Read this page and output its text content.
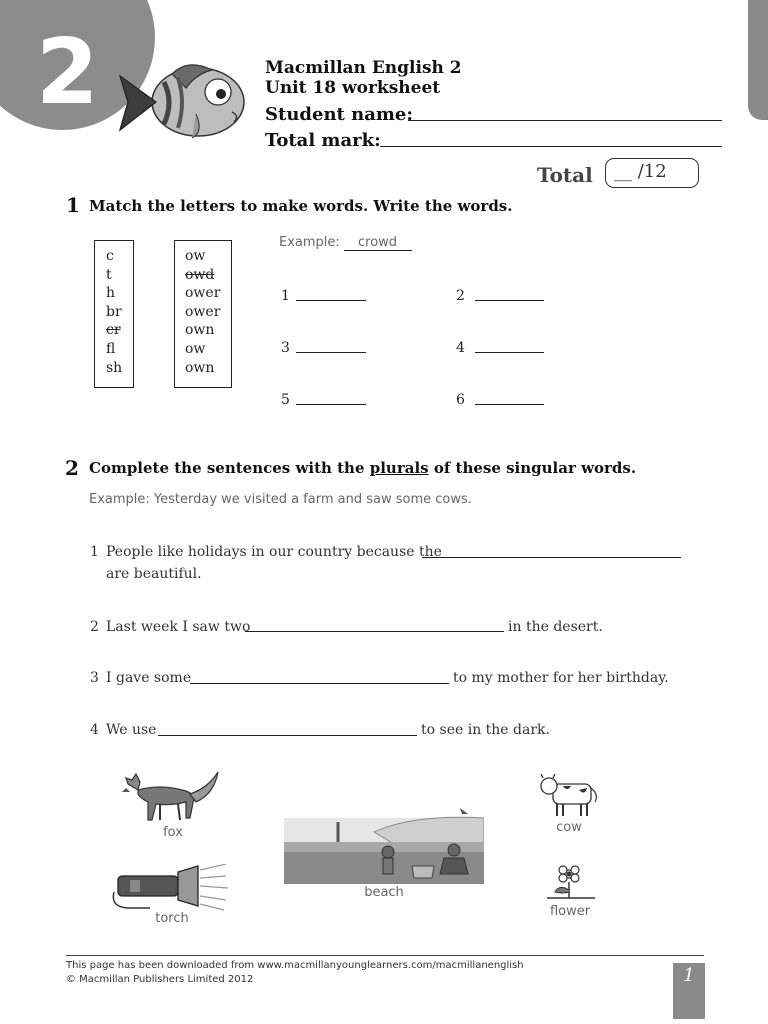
2	Macmillan English 2
Unit 18 worksheet
Student name:
Total mark:
Total __ /12
1 Match the letters to make words. Write the words.
c
t
h
br
cr
fl
sh
ow
owd
ower
ower
own
ow
own
Example: crowd
1	2
3	4
5	6
2 Complete the sentences with the plurals of these singular words.
Example: Yesterday we visited a farm and saw some cows.
1 People like holidays in our country because the
are beautiful.
2 Last week I saw two	in the desert.
3 I gave some	to my mother for her birthday.
4 We use	to see in the dark.
fox	cow
beach
torch	flower
This page has been downloaded from www.macmillanyounglearners.com/macmillanenglish
© Macmillan Publishers Limited 2012	1
